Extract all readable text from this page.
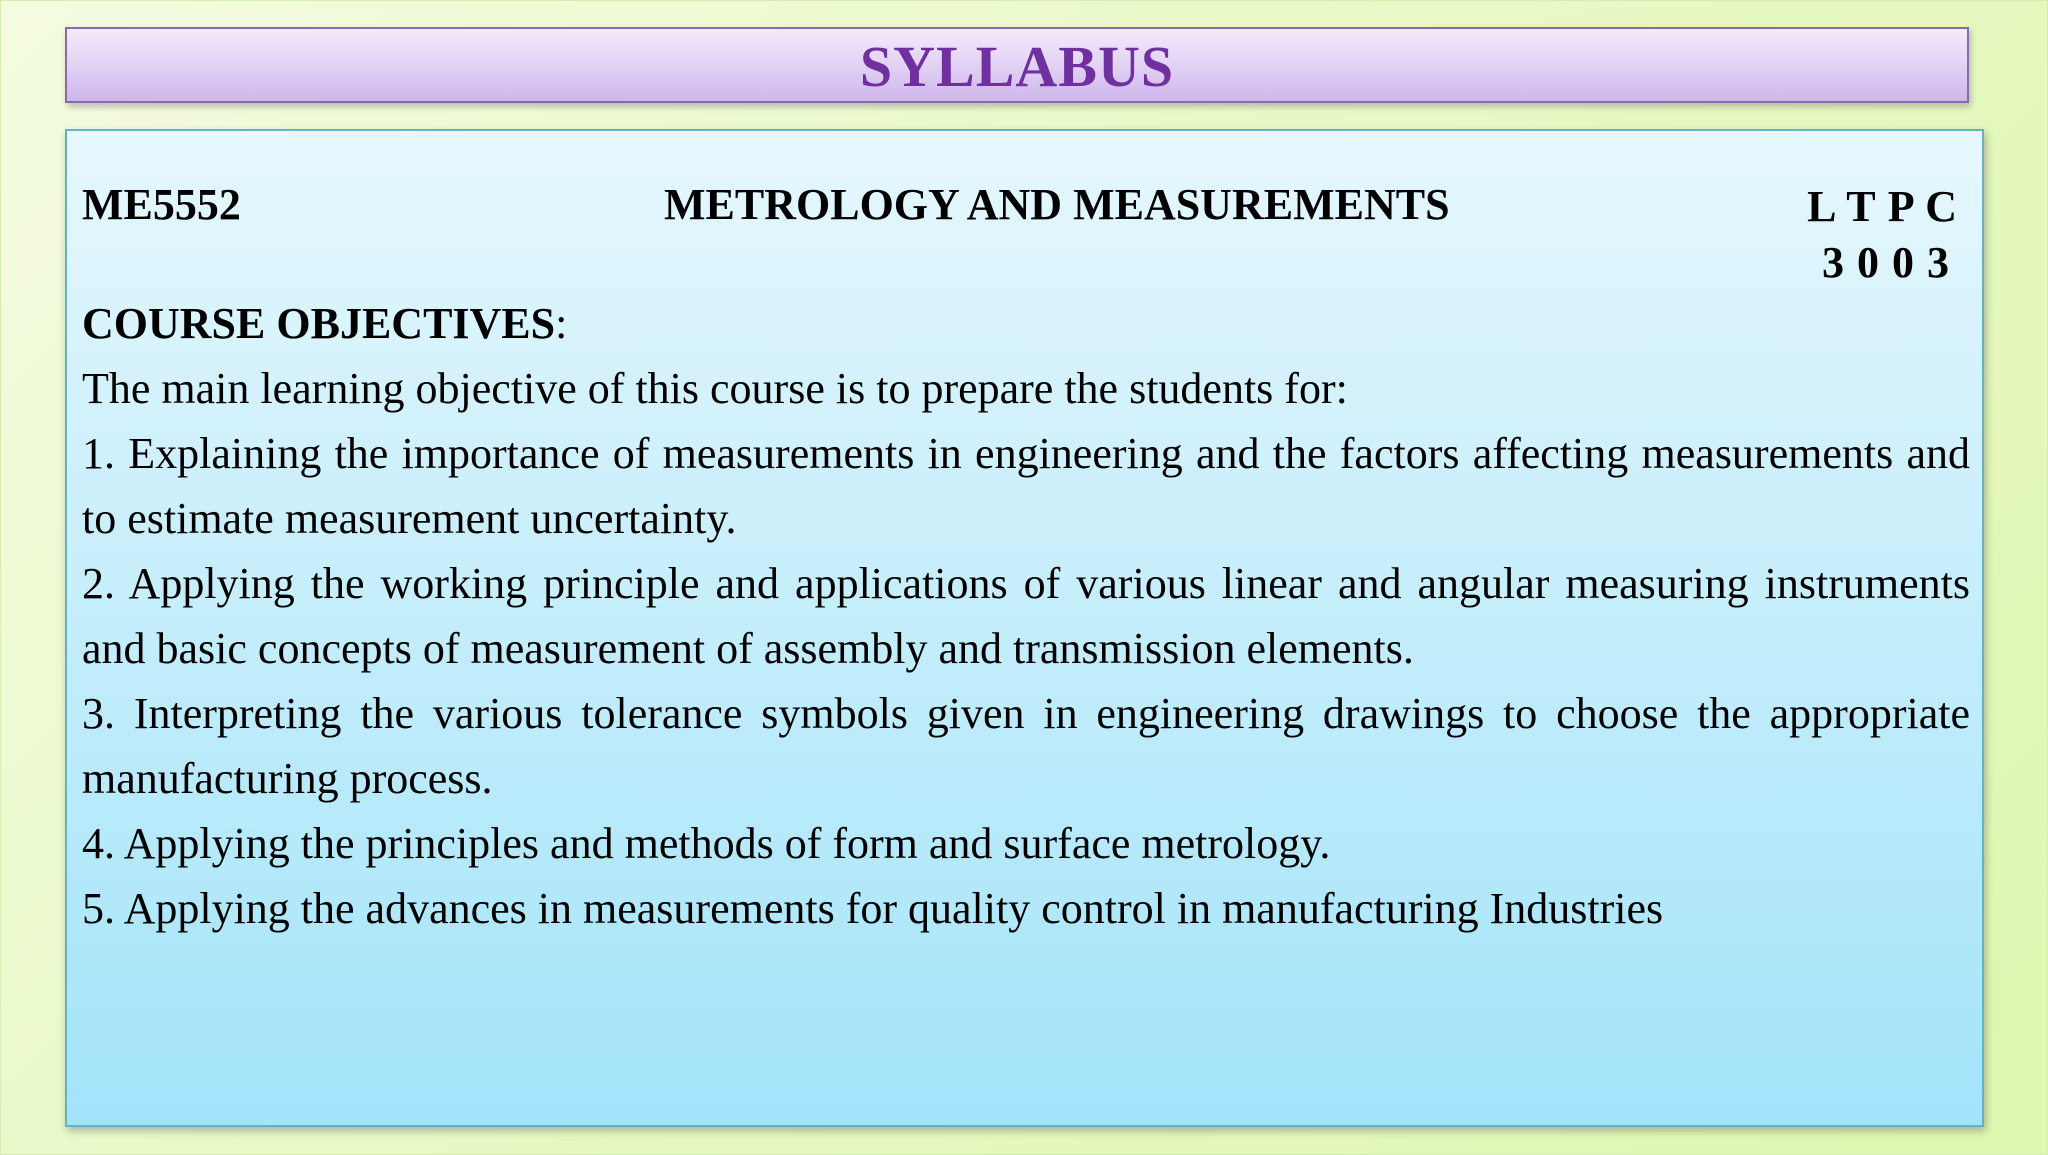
SYLLABUS
ME5552	METROLOGY AND MEASUREMENTS	L T P C
3 0 0 3

COURSE OBJECTIVES:

The main learning objective of this course is to prepare the students for:

1. Explaining the importance of measurements in engineering and the factors affecting measurements and to estimate measurement uncertainty.

2. Applying the working principle and applications of various linear and angular measuring instruments and basic concepts of measurement of assembly and transmission elements.

3. Interpreting the various tolerance symbols given in engineering drawings to choose the appropriate manufacturing process.

4. Applying the principles and methods of form and surface metrology.

5. Applying the advances in measurements for quality control in manufacturing Industries
